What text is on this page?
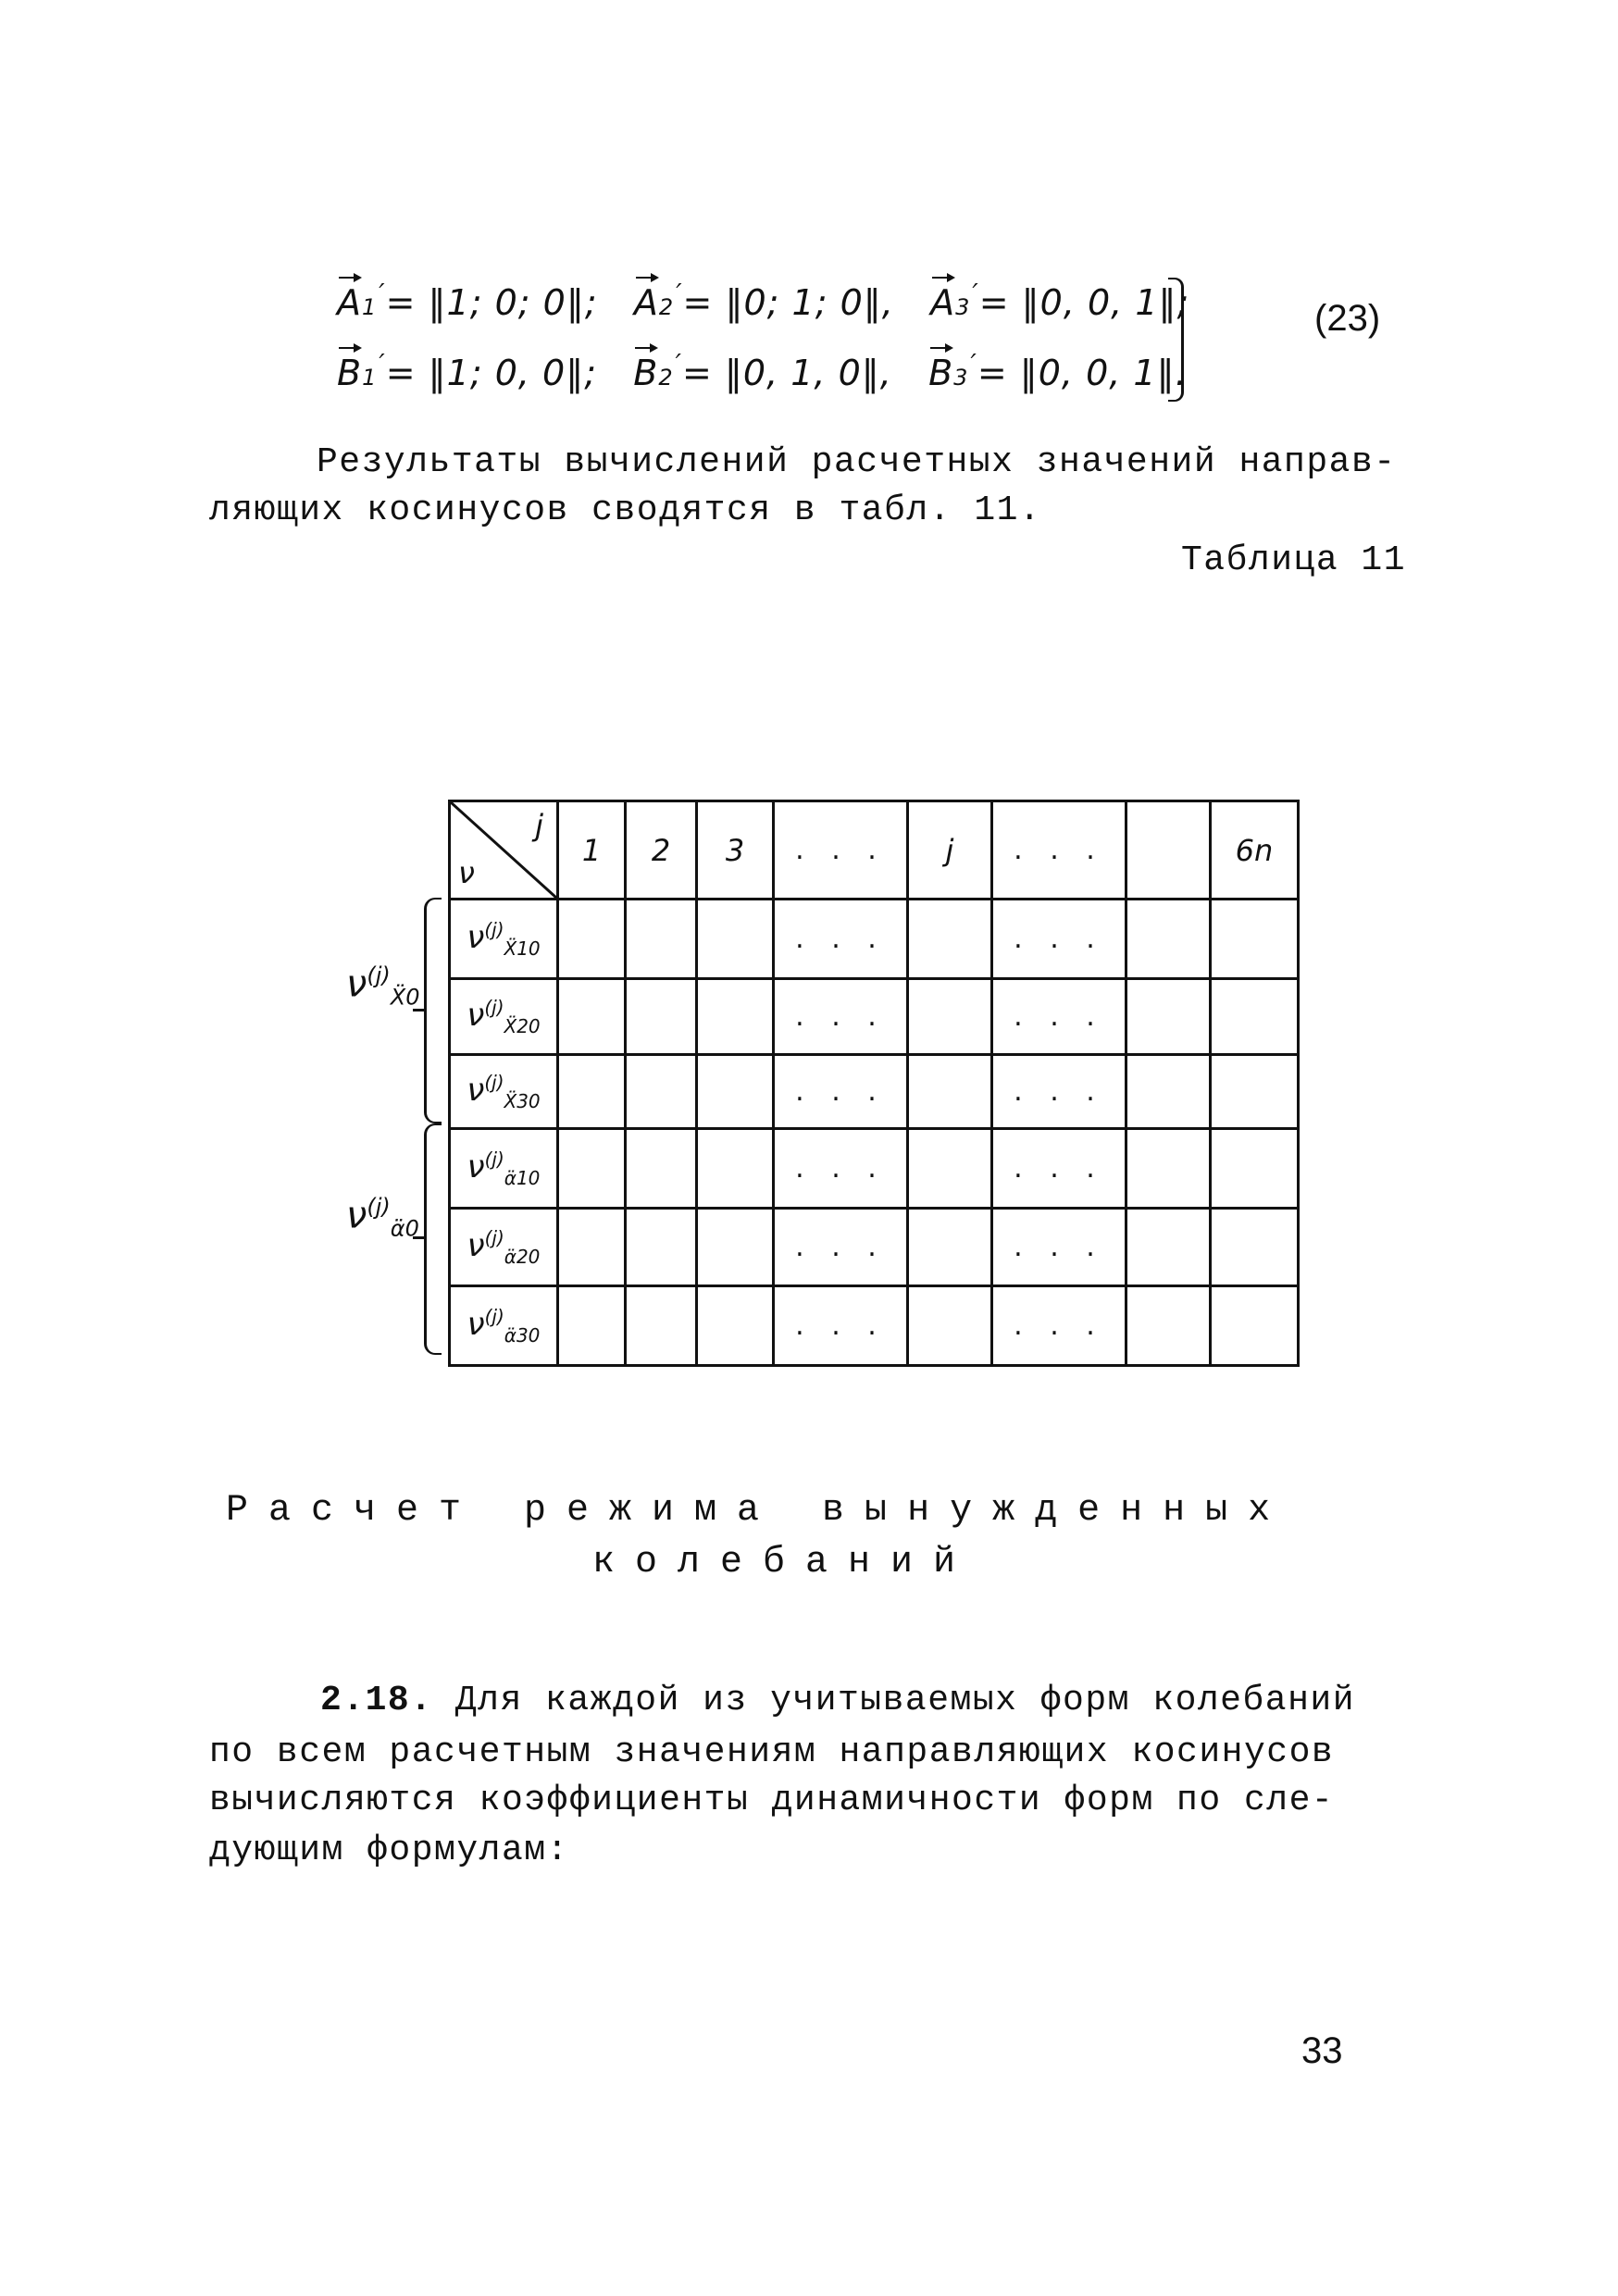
A1′= ‖1; 0; 0‖; A2′= ‖0; 1; 0‖, A3′= ‖0, 0, 1‖;
B1′= ‖1; 0, 0‖; B2′= ‖0, 1, 0‖, B3′= ‖0, 0, 1‖.
(23)
Результаты вычислений расчетных значений направ-
ляющих косинусов сводятся в табл. 11.
Таблица 11
ν
j	1	2	3	. . .	j	. . .		6n
$\nu^{(j)}_{Ẍ10}$				. . .		. . .		
$\nu^{(j)}_{Ẍ20}$				. . .		. . .		
$\nu^{(j)}_{Ẍ30}$				. . .		. . .		
$\nu^{(j)}_{\alphä10}$				. . .		. . .		
$\nu^{(j)}_{\alphä20}$				. . .		. . .		
$\nu^{(j)}_{\alphä30}$				. . .		. . .		
$\nu^{(j)}_{Ẍ0}$
$\nu^{(j)}_{\alphä0}$
Расчет режима вынужденных
колебаний
2.18. Для каждой из учитываемых форм колебаний
по всем расчетным значениям направляющих косинусов
вычисляются коэффициенты динамичности форм по сле-
дующим формулам:
33
